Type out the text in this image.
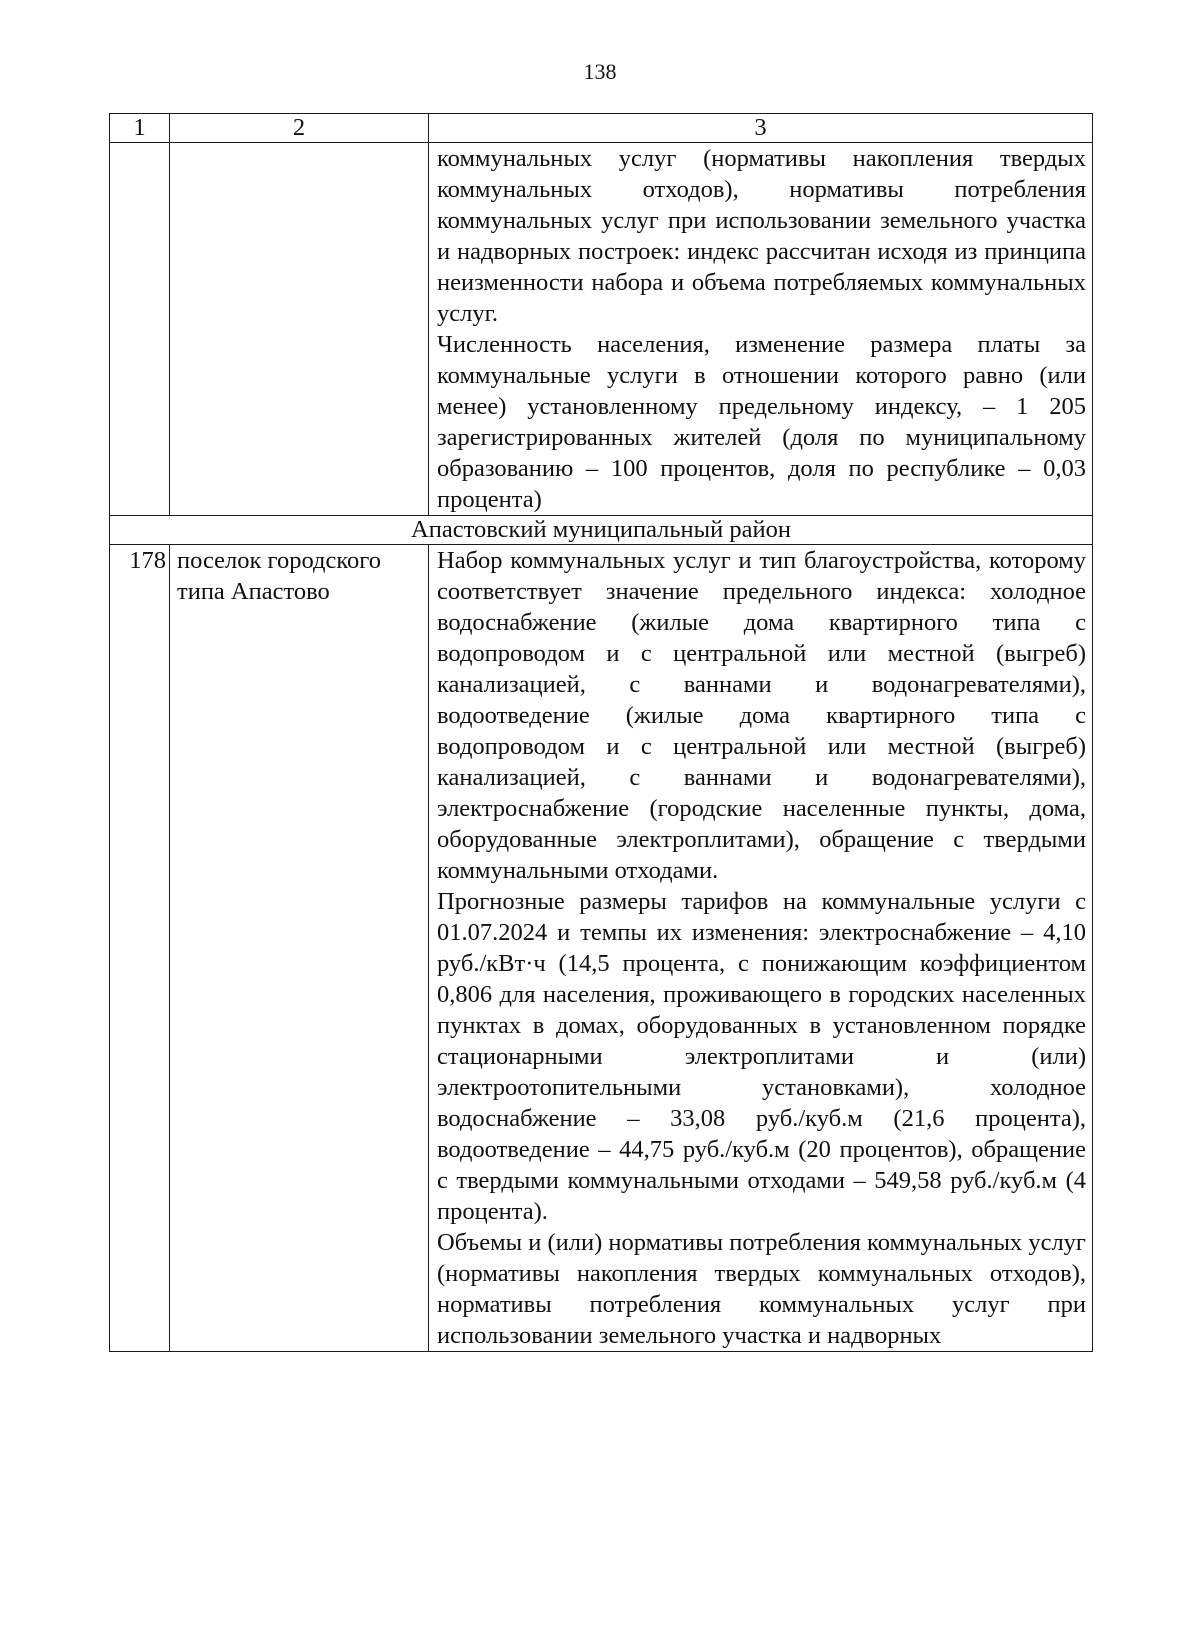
138
1	2	3

		коммунальных услуг (нормативы накопления твердых коммунальных отходов), нормативы потребления коммунальных услуг при использовании земельного участка и надворных построек: индекс рассчитан исходя из принципа неизменности набора и объема потребляемых коммунальных услуг.

Численность населения, изменение размера платы за коммунальные услуги в отношении которого равно (или менее) установленному предельному индексу, – 1 205 зарегистрированных жителей (доля по муниципальному образованию – 100 процентов, доля по республике – 0,03 процента)

Апастовский муниципальный район		
178	поселок городского типа Апастово	Набор коммунальных услуг и тип благоустройства, которому соответствует значение предельного индекса: холодное водоснабжение (жилые дома квартирного типа с водопроводом и с центральной или местной (выгреб) канализацией, с ваннами и водонагревателями), водоотведение (жилые дома квартирного типа с водопроводом и с центральной или местной (выгреб) канализацией, с ваннами и водонагревателями), электроснабжение (городские населенные пункты, дома, оборудованные электроплитами), обращение с твердыми коммунальными отходами.

Прогнозные размеры тарифов на коммунальные услуги с 01.07.2024 и темпы их изменения: электроснабжение – 4,10 руб./кВт·ч (14,5 процента, с понижающим коэффициентом 0,806 для населения, проживающего в городских населенных пунктах в домах, оборудованных в установленном порядке стационарными электроплитами и (или) электроотопительными установками), холодное водоснабжение – 33,08 руб./куб.м (21,6 процента), водоотведение – 44,75 руб./куб.м (20 процентов), обращение с твердыми коммунальными отходами – 549,58 руб./куб.м (4 процента).

Объемы и (или) нормативы потребления коммунальных услуг (нормативы накопления твердых коммунальных отходов), нормативы потребления коммунальных услуг при использовании земельного участка и надворных
